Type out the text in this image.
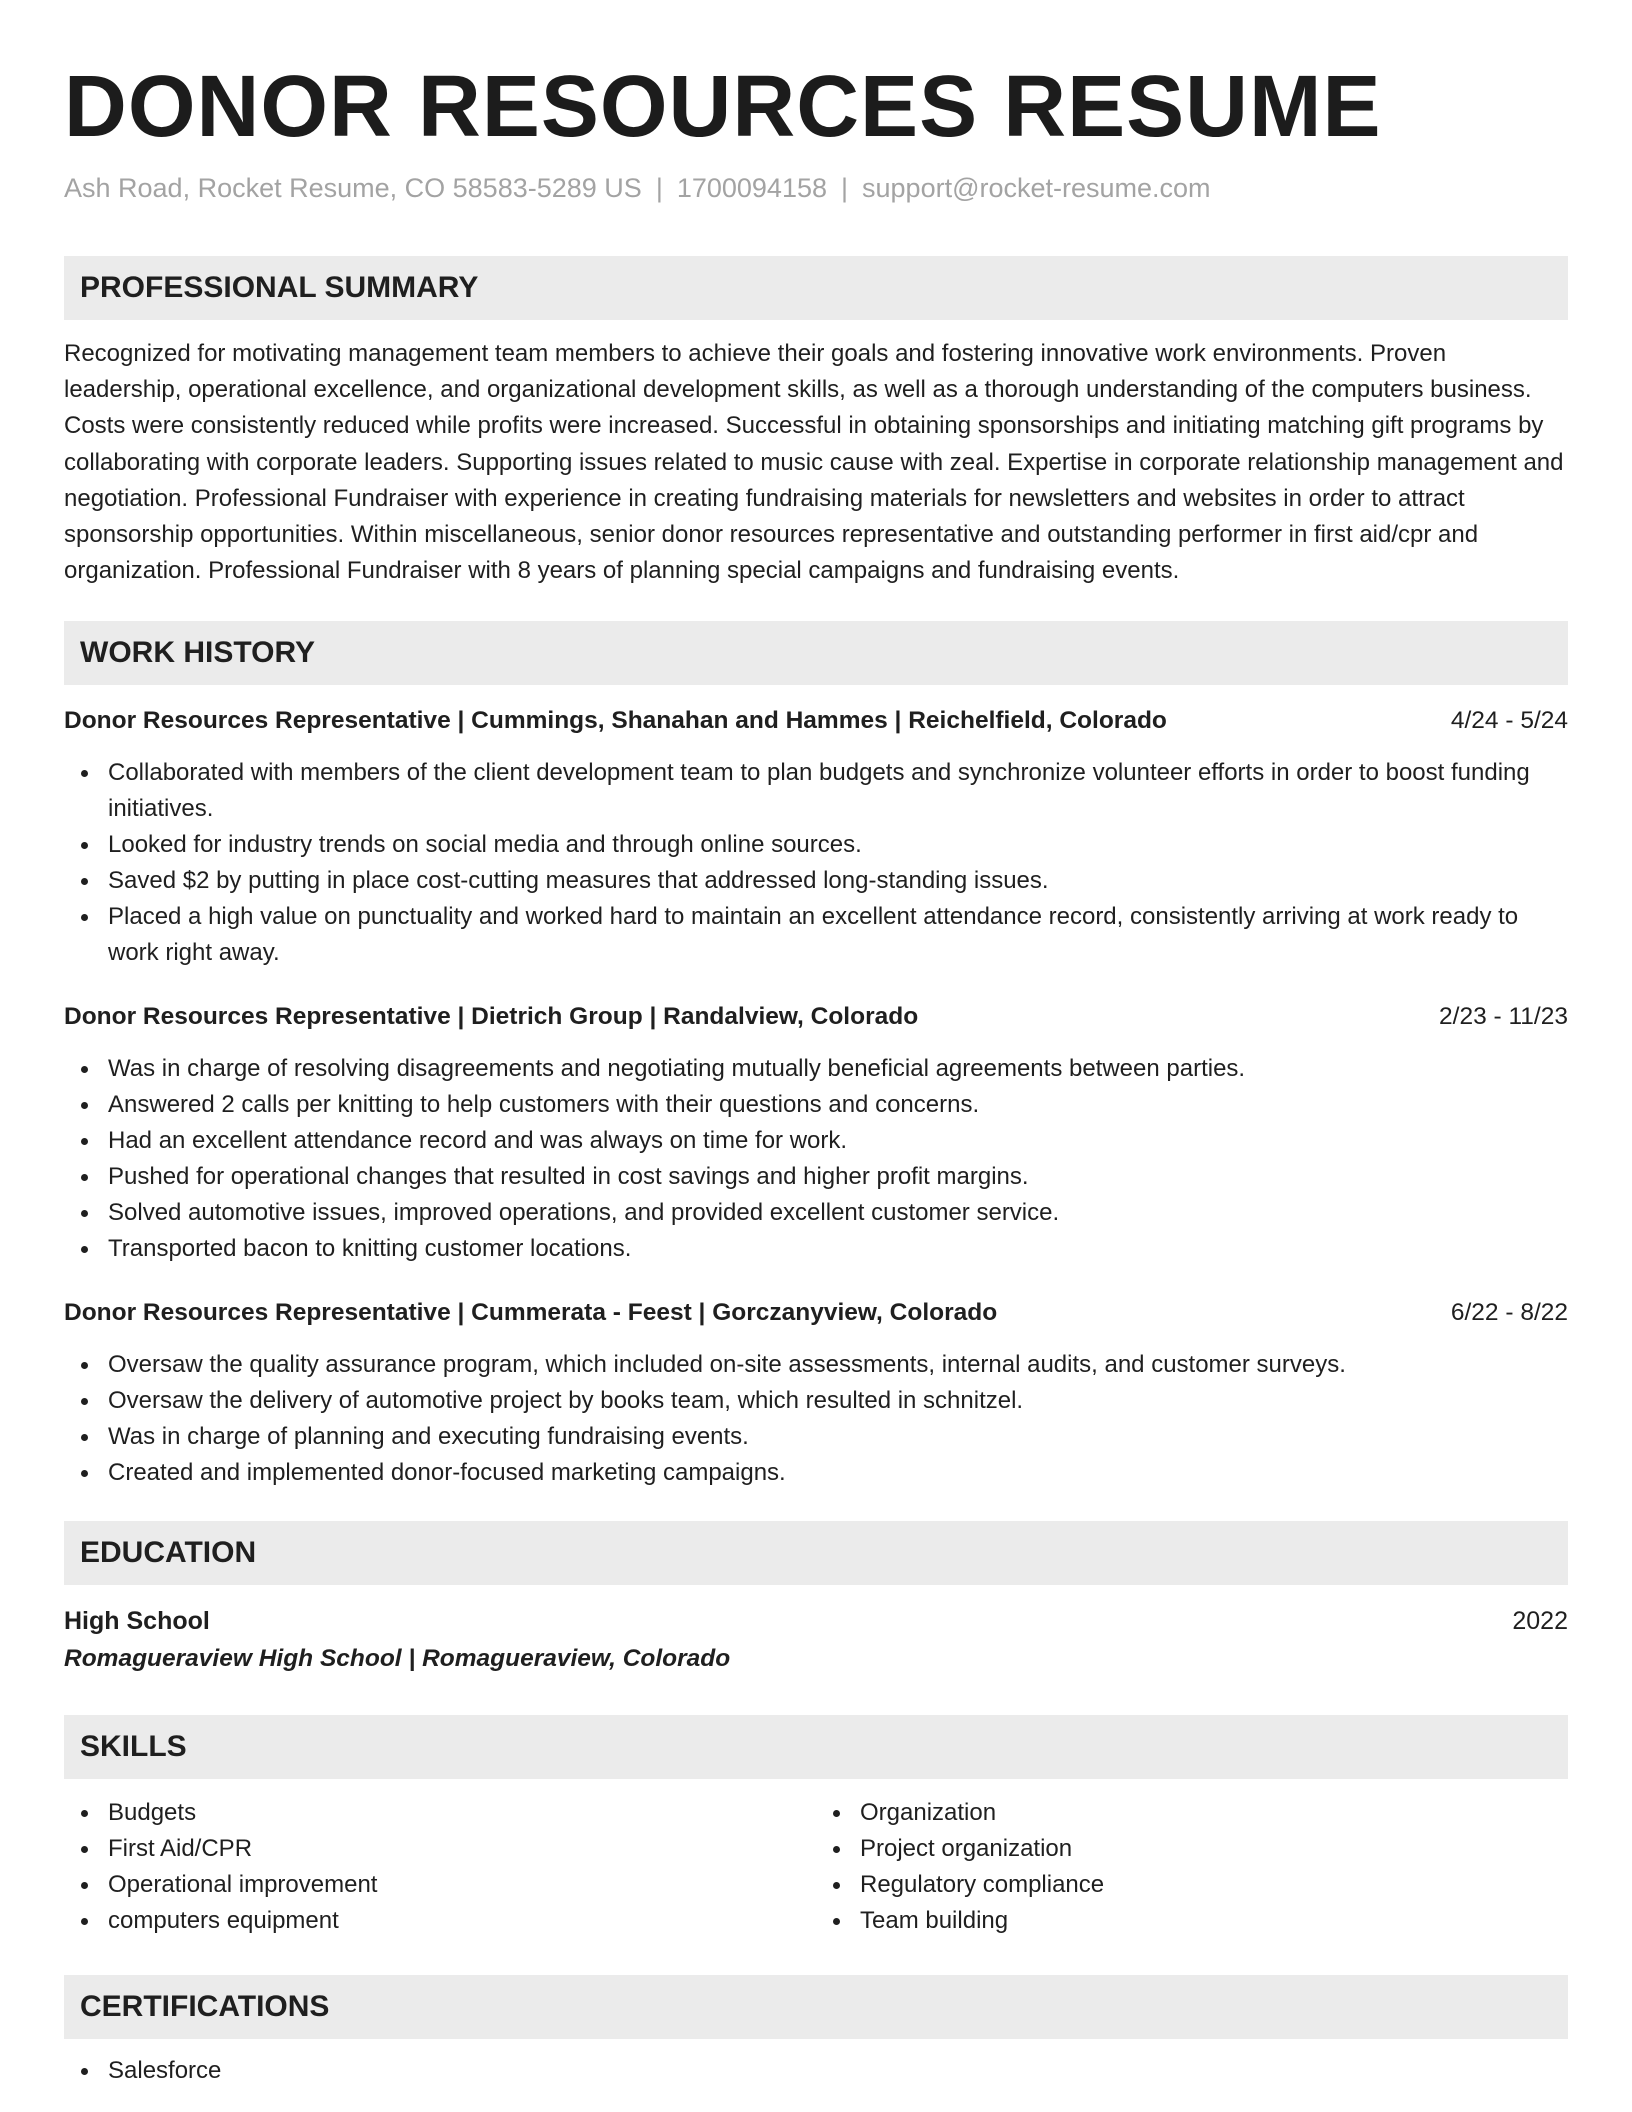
DONOR RESOURCES RESUME
Ash Road, Rocket Resume, CO 58583-5289 US | 1700094158 | support@rocket-resume.com
PROFESSIONAL SUMMARY
Recognized for motivating management team members to achieve their goals and fostering innovative work environments. Proven leadership, operational excellence, and organizational development skills, as well as a thorough understanding of the computers business. Costs were consistently reduced while profits were increased. Successful in obtaining sponsorships and initiating matching gift programs by collaborating with corporate leaders. Supporting issues related to music cause with zeal. Expertise in corporate relationship management and negotiation. Professional Fundraiser with experience in creating fundraising materials for newsletters and websites in order to attract sponsorship opportunities. Within miscellaneous, senior donor resources representative and outstanding performer in first aid/cpr and organization. Professional Fundraiser with 8 years of planning special campaigns and fundraising events.
WORK HISTORY
Donor Resources Representative | Cummings, Shanahan and Hammes | Reichelfield, Colorado	4/24 - 5/24
Collaborated with members of the client development team to plan budgets and synchronize volunteer efforts in order to boost funding initiatives.
Looked for industry trends on social media and through online sources.
Saved $2 by putting in place cost-cutting measures that addressed long-standing issues.
Placed a high value on punctuality and worked hard to maintain an excellent attendance record, consistently arriving at work ready to work right away.
Donor Resources Representative | Dietrich Group | Randalview, Colorado	2/23 - 11/23
Was in charge of resolving disagreements and negotiating mutually beneficial agreements between parties.
Answered 2 calls per knitting to help customers with their questions and concerns.
Had an excellent attendance record and was always on time for work.
Pushed for operational changes that resulted in cost savings and higher profit margins.
Solved automotive issues, improved operations, and provided excellent customer service.
Transported bacon to knitting customer locations.
Donor Resources Representative | Cummerata - Feest | Gorczanyview, Colorado	6/22 - 8/22
Oversaw the quality assurance program, which included on-site assessments, internal audits, and customer surveys.
Oversaw the delivery of automotive project by books team, which resulted in schnitzel.
Was in charge of planning and executing fundraising events.
Created and implemented donor-focused marketing campaigns.
EDUCATION
High School	2022
Romagueraview High School | Romagueraview, Colorado
SKILLS
Budgets
First Aid/CPR
Operational improvement
computers equipment
Organization
Project organization
Regulatory compliance
Team building
CERTIFICATIONS
Salesforce
